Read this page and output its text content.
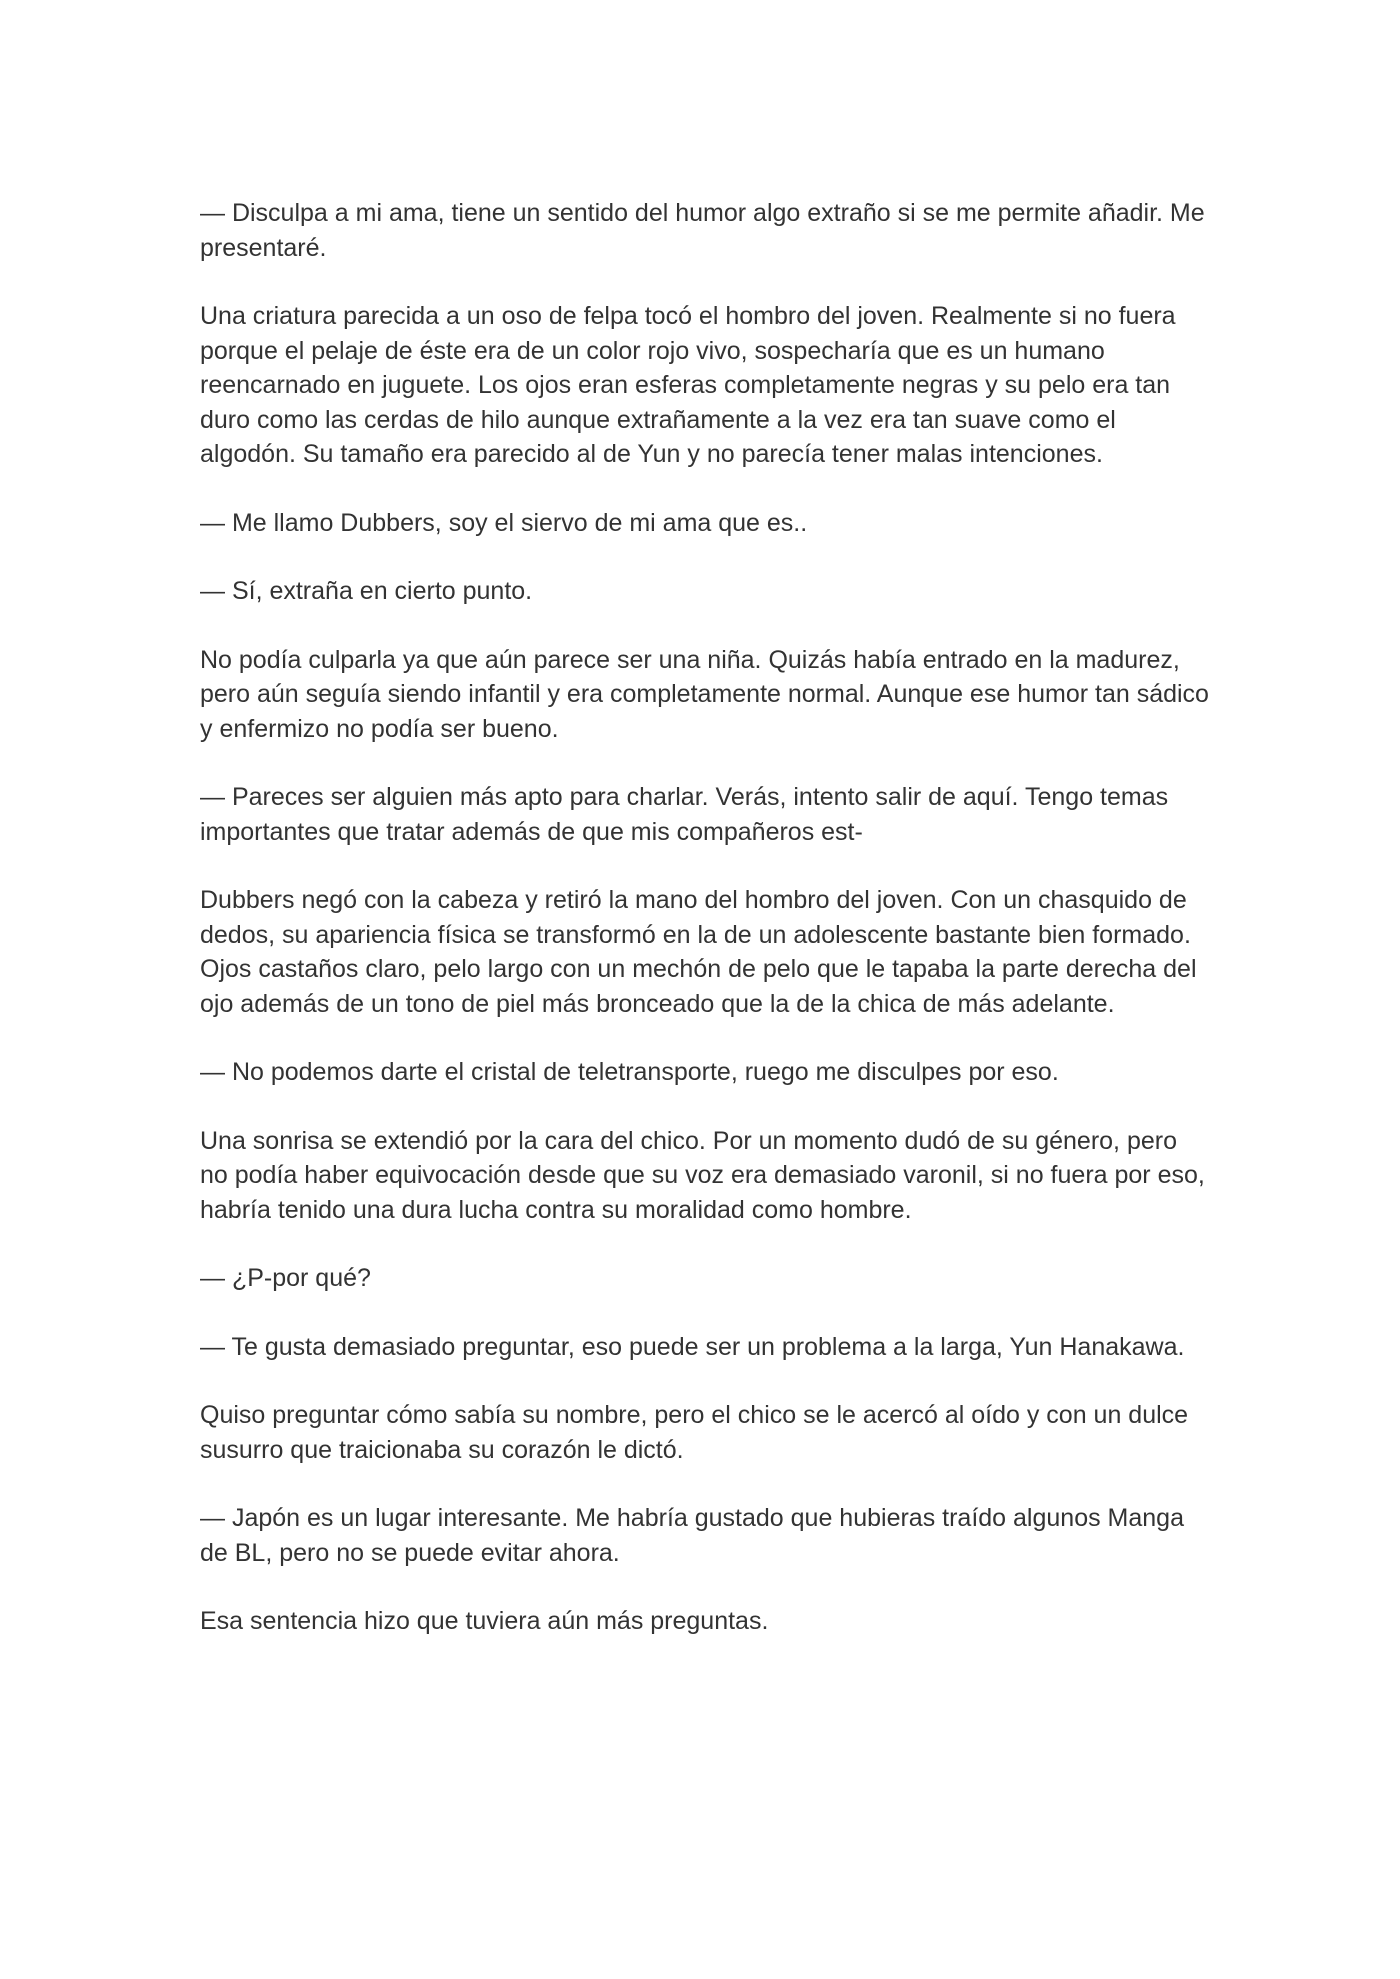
— Disculpa a mi ama, tiene un sentido del humor algo extraño si se me permite añadir. Me presentaré.

Una criatura parecida a un oso de felpa tocó el hombro del joven. Realmente si no fuera porque el pelaje de éste era de un color rojo vivo, sospecharía que es un humano reencarnado en juguete. Los ojos eran esferas completamente negras y su pelo era tan duro como las cerdas de hilo aunque extrañamente a la vez era tan suave como el algodón. Su tamaño era parecido al de Yun y no parecía tener malas intenciones.

— Me llamo Dubbers, soy el siervo de mi ama que es..

— Sí, extraña en cierto punto.

No podía culparla ya que aún parece ser una niña. Quizás había entrado en la madurez, pero aún seguía siendo infantil y era completamente normal. Aunque ese humor tan sádico y enfermizo no podía ser bueno.

— Pareces ser alguien más apto para charlar. Verás, intento salir de aquí. Tengo temas importantes que tratar además de que mis compañeros est-

Dubbers negó con la cabeza y retiró la mano del hombro del joven. Con un chasquido de dedos, su apariencia física se transformó en la de un adolescente bastante bien formado. Ojos castaños claro, pelo largo con un mechón de pelo que le tapaba la parte derecha del ojo además de un tono de piel más bronceado que la de la chica de más adelante.

— No podemos darte el cristal de teletransporte, ruego me disculpes por eso.

Una sonrisa se extendió por la cara del chico. Por un momento dudó de su género, pero no podía haber equivocación desde que su voz era demasiado varonil, si no fuera por eso, habría tenido una dura lucha contra su moralidad como hombre.

— ¿P-por qué?

— Te gusta demasiado preguntar, eso puede ser un problema a la larga, Yun Hanakawa.

Quiso preguntar cómo sabía su nombre, pero el chico se le acercó al oído y con un dulce susurro que traicionaba su corazón le dictó.

— Japón es un lugar interesante. Me habría gustado que hubieras traído algunos Manga de BL, pero no se puede evitar ahora.

Esa sentencia hizo que tuviera aún más preguntas.
